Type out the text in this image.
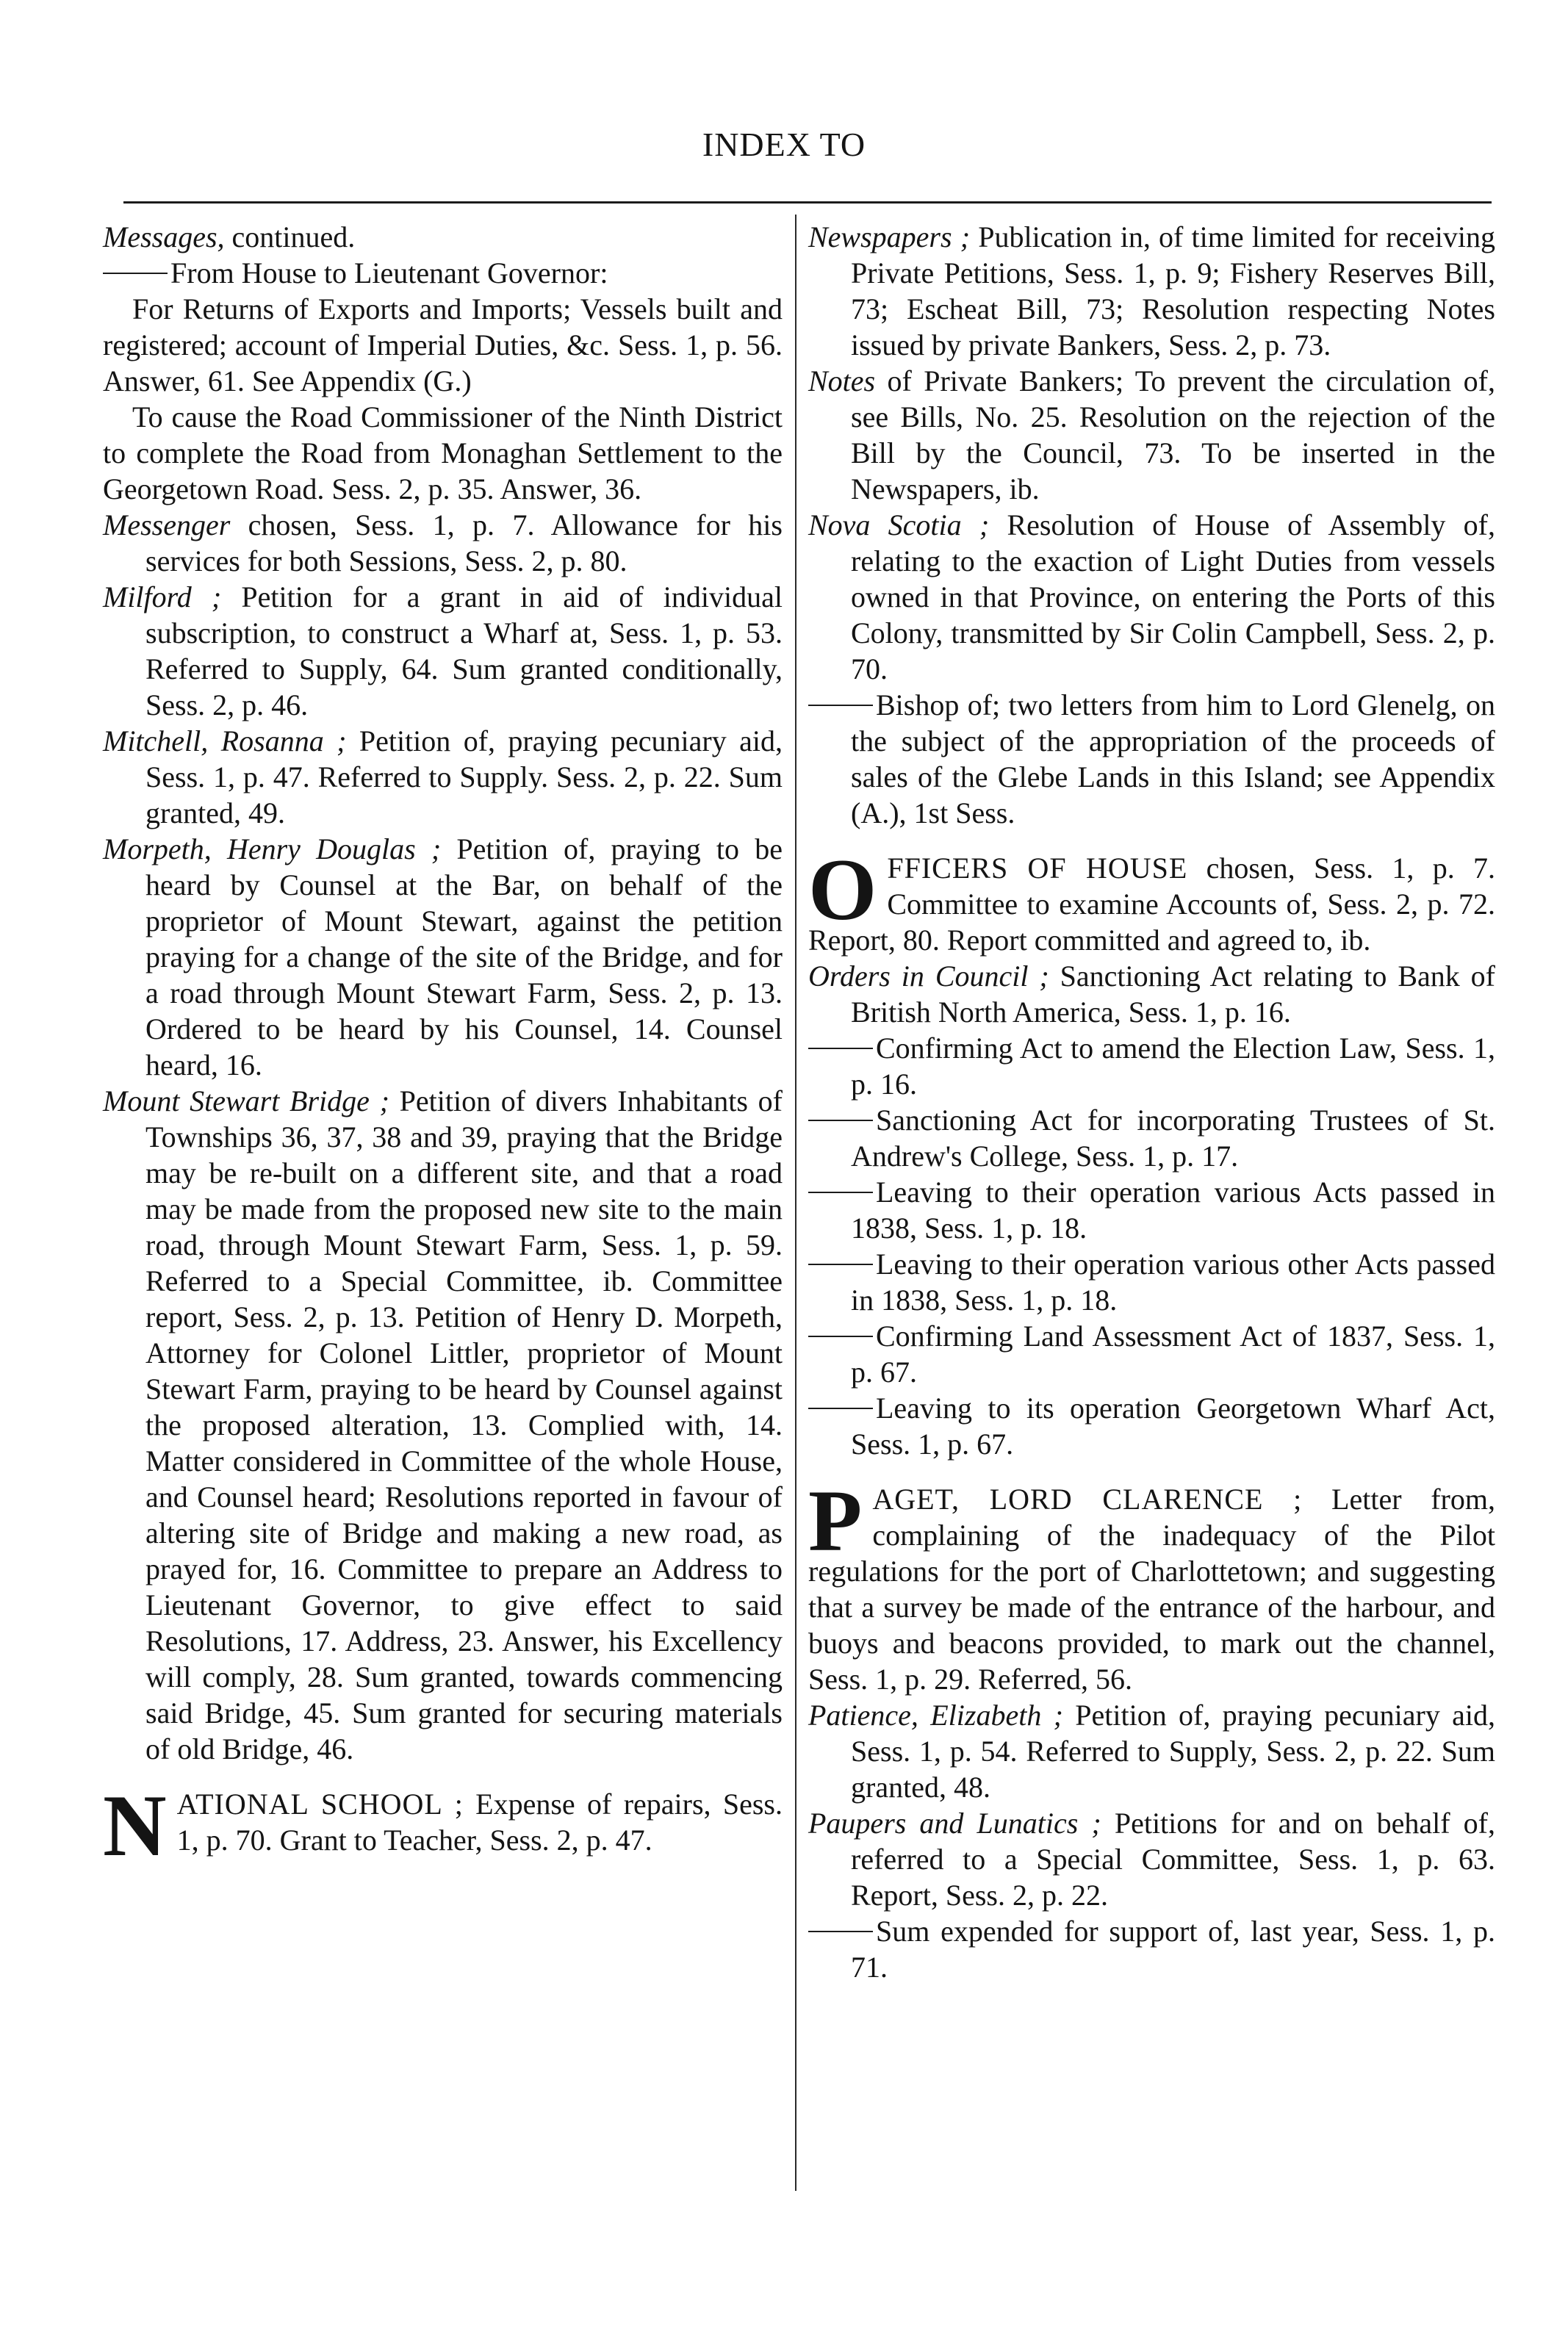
INDEX TO

Messages, continued.

From House to Lieutenant Governor:

For Returns of Exports and Imports; Vessels built and registered; account of Imperial Duties, &c. Sess. 1, p. 56. Answer, 61. See Appendix (G.)

To cause the Road Commissioner of the Ninth District to complete the Road from Monaghan Settlement to the Georgetown Road. Sess. 2, p. 35. Answer, 36.

Messenger chosen, Sess. 1, p. 7. Allowance for his services for both Sessions, Sess. 2, p. 80.

Milford ; Petition for a grant in aid of individual subscription, to construct a Wharf at, Sess. 1, p. 53. Referred to Supply, 64. Sum granted conditionally, Sess. 2, p. 46.

Mitchell, Rosanna ; Petition of, praying pecuniary aid, Sess. 1, p. 47. Referred to Supply. Sess. 2, p. 22. Sum granted, 49.

Morpeth, Henry Douglas ; Petition of, praying to be heard by Counsel at the Bar, on behalf of the proprietor of Mount Stewart, against the petition praying for a change of the site of the Bridge, and for a road through Mount Stewart Farm, Sess. 2, p. 13. Ordered to be heard by his Counsel, 14. Counsel heard, 16.

Mount Stewart Bridge ; Petition of divers Inhabitants of Townships 36, 37, 38 and 39, praying that the Bridge may be re-built on a different site, and that a road may be made from the proposed new site to the main road, through Mount Stewart Farm, Sess. 1, p. 59. Referred to a Special Committee, ib. Committee report, Sess. 2, p. 13. Petition of Henry D. Morpeth, Attorney for Colonel Littler, proprietor of Mount Stewart Farm, praying to be heard by Counsel against the proposed alteration, 13. Complied with, 14. Matter considered in Committee of the whole House, and Counsel heard; Resolutions reported in favour of altering site of Bridge and making a new road, as prayed for, 16. Committee to prepare an Address to Lieutenant Governor, to give effect to said Resolutions, 17. Address, 23. Answer, his Excellency will comply, 28. Sum granted, towards commencing said Bridge, 45. Sum granted for securing materials of old Bridge, 46.

NATIONAL SCHOOL ; Expense of repairs, Sess. 1, p. 70. Grant to Teacher, Sess. 2, p. 47.

Newspapers ; Publication in, of time limited for receiving Private Petitions, Sess. 1, p. 9; Fishery Reserves Bill, 73; Escheat Bill, 73; Resolution respecting Notes issued by private Bankers, Sess. 2, p. 73.

Notes of Private Bankers; To prevent the circulation of, see Bills, No. 25. Resolution on the rejection of the Bill by the Council, 73. To be inserted in the Newspapers, ib.

Nova Scotia ; Resolution of House of Assembly of, relating to the exaction of Light Duties from vessels owned in that Province, on entering the Ports of this Colony, transmitted by Sir Colin Campbell, Sess. 2, p. 70.

Bishop of; two letters from him to Lord Glenelg, on the subject of the appropriation of the proceeds of sales of the Glebe Lands in this Island; see Appendix (A.), 1st Sess.

OFFICERS OF HOUSE chosen, Sess. 1, p. 7. Committee to examine Accounts of, Sess. 2, p. 72. Report, 80. Report committed and agreed to, ib.

Orders in Council ; Sanctioning Act relating to Bank of British North America, Sess. 1, p. 16.

Confirming Act to amend the Election Law, Sess. 1, p. 16.

Sanctioning Act for incorporating Trustees of St. Andrew's College, Sess. 1, p. 17.

Leaving to their operation various Acts passed in 1838, Sess. 1, p. 18.

Leaving to their operation various other Acts passed in 1838, Sess. 1, p. 18.

Confirming Land Assessment Act of 1837, Sess. 1, p. 67.

Leaving to its operation Georgetown Wharf Act, Sess. 1, p. 67.

PAGET, LORD CLARENCE ; Letter from, complaining of the inadequacy of the Pilot regulations for the port of Charlottetown; and suggesting that a survey be made of the entrance of the harbour, and buoys and beacons provided, to mark out the channel, Sess. 1, p. 29. Referred, 56.

Patience, Elizabeth ; Petition of, praying pecuniary aid, Sess. 1, p. 54. Referred to Supply, Sess. 2, p. 22. Sum granted, 48.

Paupers and Lunatics ; Petitions for and on behalf of, referred to a Special Committee, Sess. 1, p. 63. Report, Sess. 2, p. 22.

Sum expended for support of, last year, Sess. 1, p. 71.
